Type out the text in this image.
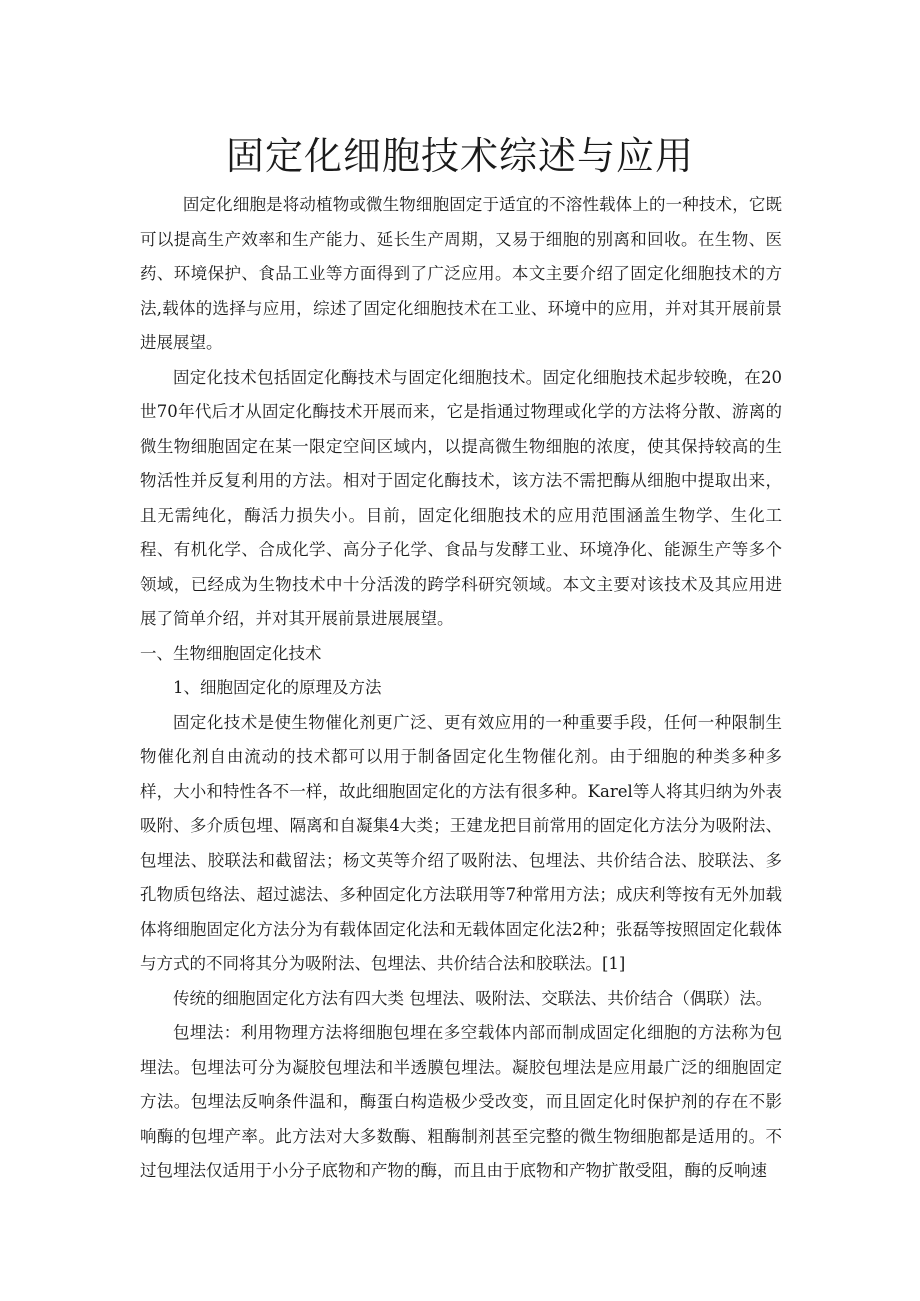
固定化细胞技术综述与应用

固定化细胞是将动植物或微生物细胞固定于适宜的不溶性载体上的一种技术，它既可以提高生产效率和生产能力、延长生产周期，又易于细胞的别离和回收。在生物、医药、环境保护、食品工业等方面得到了广泛应用。本文主要介绍了固定化细胞技术的方法,载体的选择与应用，综述了固定化细胞技术在工业、环境中的应用，并对其开展前景进展展望。

固定化技术包括固定化酶技术与固定化细胞技术。固定化细胞技术起步较晚，在20世70年代后才从固定化酶技术开展而来，它是指通过物理或化学的方法将分散、游离的微生物细胞固定在某一限定空间区域内，以提高微生物细胞的浓度，使其保持较高的生物活性并反复利用的方法。相对于固定化酶技术，该方法不需把酶从细胞中提取出来，且无需纯化，酶活力损失小。目前，固定化细胞技术的应用范围涵盖生物学、生化工程、有机化学、合成化学、高分子化学、食品与发酵工业、环境净化、能源生产等多个领域，已经成为生物技术中十分活泼的跨学科研究领域。本文主要对该技术及其应用进展了简单介绍，并对其开展前景进展展望。

一、生物细胞固定化技术

1、细胞固定化的原理及方法

固定化技术是使生物催化剂更广泛、更有效应用的一种重要手段，任何一种限制生物催化剂自由流动的技术都可以用于制备固定化生物催化剂。由于细胞的种类多种多样，大小和特性各不一样，故此细胞固定化的方法有很多种。Karel等人将其归纳为外表吸附、多介质包埋、隔离和自凝集4大类；王建龙把目前常用的固定化方法分为吸附法、包埋法、胶联法和截留法；杨文英等介绍了吸附法、包埋法、共价结合法、胶联法、多孔物质包络法、超过滤法、多种固定化方法联用等7种常用方法；成庆利等按有无外加载体将细胞固定化方法分为有载体固定化法和无载体固定化法2种；张磊等按照固定化载体与方式的不同将其分为吸附法、包埋法、共价结合法和胶联法。[1]

传统的细胞固定化方法有四大类 包埋法、吸附法、交联法、共价结合（偶联）法。

包埋法：利用物理方法将细胞包埋在多空载体内部而制成固定化细胞的方法称为包埋法。包埋法可分为凝胶包埋法和半透膜包埋法。凝胶包埋法是应用最广泛的细胞固定方法。包埋法反响条件温和，酶蛋白构造极少受改变，而且固定化时保护剂的存在不影响酶的包埋产率。此方法对大多数酶、粗酶制剂甚至完整的微生物细胞都是适用的。不过包埋法仅适用于小分子底物和产物的酶，而且由于底物和产物扩散受阻，酶的反响速
